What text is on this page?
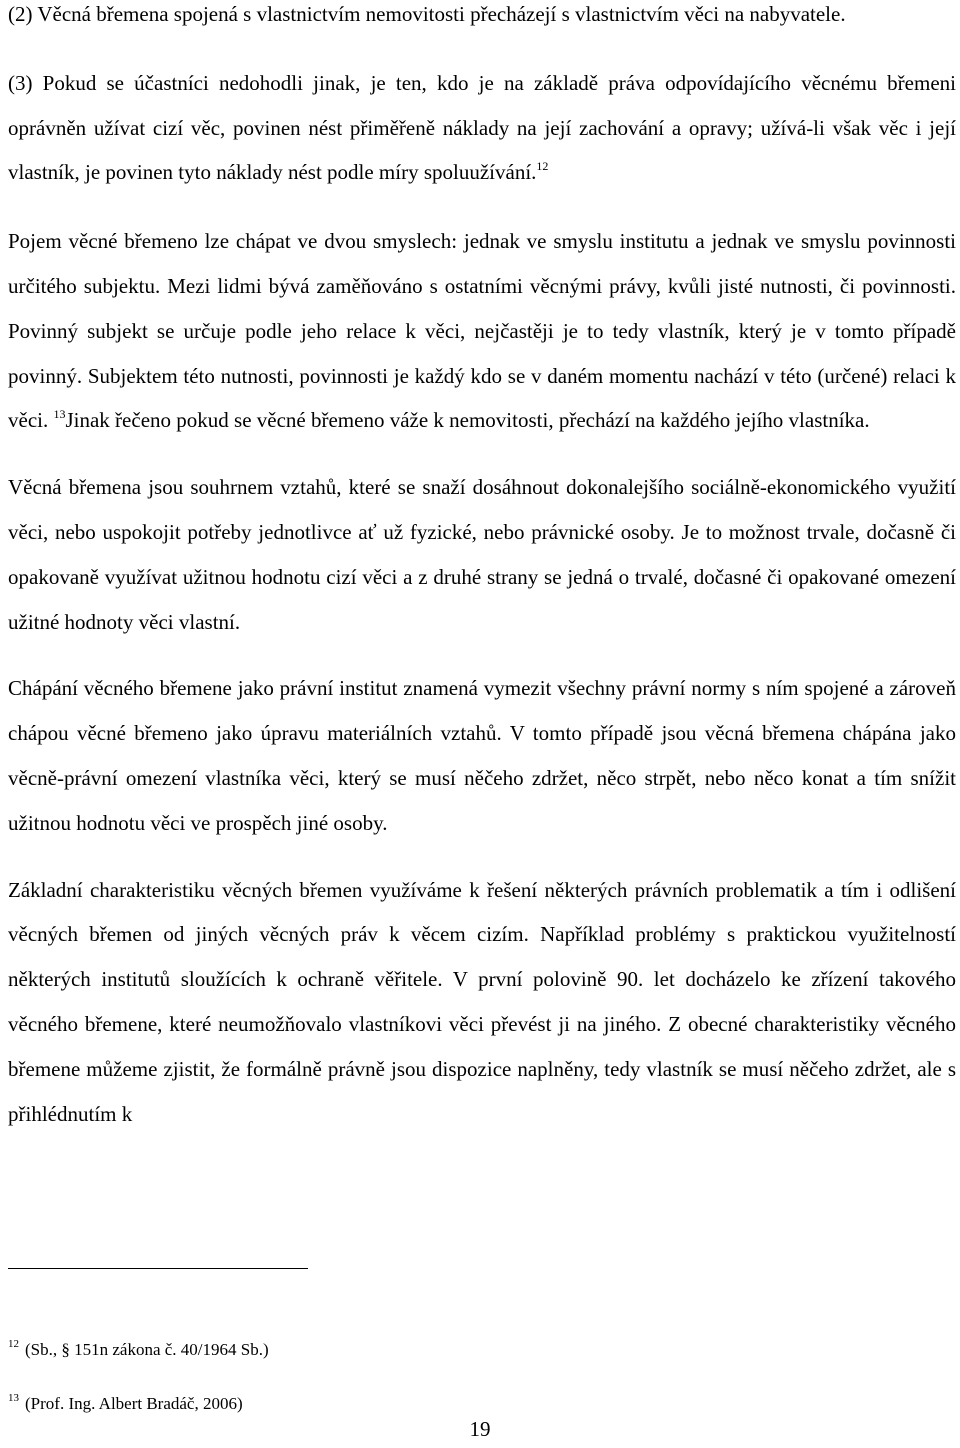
(2) Věcná břemena spojená s vlastnictvím nemovitosti přecházejí s vlastnictvím věci na nabyvatele.

(3) Pokud se účastníci nedohodli jinak, je ten, kdo je na základě práva odpovídajícího věcnému břemeni oprávněn užívat cizí věc, povinen nést přiměřeně náklady na její zachování a opravy; užívá-li však věc i její vlastník, je povinen tyto náklady nést podle míry spoluužívání.$^{12}$

Pojem věcné břemeno lze chápat ve dvou smyslech: jednak ve smyslu institutu a jednak ve smyslu povinnosti určitého subjektu. Mezi lidmi bývá zaměňováno s ostatními věcnými právy, kvůli jisté nutnosti, či povinnosti. Povinný subjekt se určuje podle jeho relace k věci, nejčastěji je to tedy vlastník, který je v tomto případě povinný. Subjektem této nutnosti, povinnosti je každý kdo se v daném momentu nachází v této (určené) relaci k věci. $^{13}$Jinak řečeno pokud se věcné břemeno váže k nemovitosti, přechází na každého jejího vlastníka.

Věcná břemena jsou souhrnem vztahů, které se snaží dosáhnout dokonalejšího sociálně-ekonomického využití věci, nebo uspokojit potřeby jednotlivce ať už fyzické, nebo právnické osoby. Je to možnost trvale, dočasně či opakovaně využívat užitnou hodnotu cizí věci a z druhé strany se jedná o trvalé, dočasné či opakované omezení užitné hodnoty věci vlastní.

Chápání věcného břemene jako právní institut znamená vymezit všechny právní normy s ním spojené a zároveň chápou věcné břemeno jako úpravu materiálních vztahů. V tomto případě jsou věcná břemena chápána jako věcně-právní omezení vlastníka věci, který se musí něčeho zdržet, něco strpět, nebo něco konat a tím snížit užitnou hodnotu věci ve prospěch jiné osoby.

Základní charakteristiku věcných břemen využíváme k řešení některých právních problematik a tím i odlišení věcných břemen od jiných věcných práv k věcem cizím. Například problémy s praktickou využitelností některých institutů sloužících k ochraně věřitele. V první polovině 90. let docházelo ke zřízení takového věcného břemene, které neumožňovalo vlastníkovi věci převést ji na jiného. Z obecné charakteristiky věcného břemene můžeme zjistit, že formálně právně jsou dispozice naplněny, tedy vlastník se musí něčeho zdržet, ale s přihlédnutím k

$^{12}$ (Sb., § 151n zákona č. 40/1964 Sb.)
$^{13}$ (Prof. Ing. Albert Bradáč, 2006)
19
